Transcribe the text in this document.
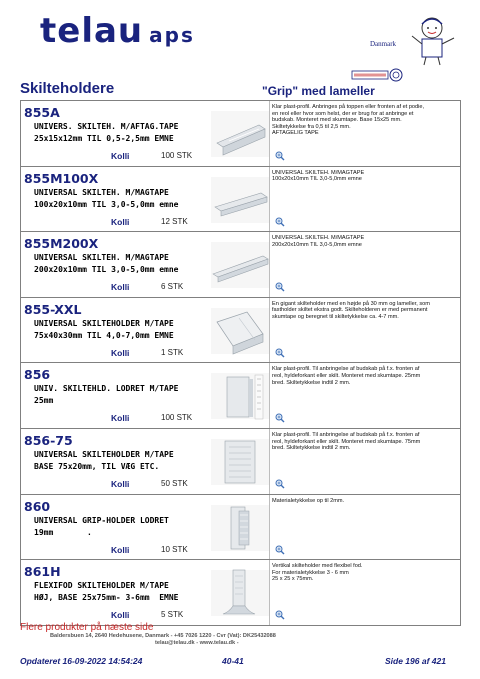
telau aps	Danmark
Skilteholdere	"Grip" med lameller
855A
UNIVERS. SKILTEH. M/AFTAG.TAPE
25x15x12mm TIL 0,5-2,5mm EMNE
Kolli	100 STK
Klar plast-profil. Anbringes på toppen eller fronten af et podie,
en reol eller hvor som helst, der er brug for at anbringe et
budskab. Monteret med skumtape. Base 15x25 mm.
Skiltetykkelse fra 0,5 til 2,5 mm.
AFTAGELIG TAPE
855M100X
UNIVERSAL SKILTEH. M/MAGTAPE
100x20x10mm TIL 3,0-5,0mm emne
Kolli	12 STK
UNIVERSAL SKILTEH. M/MAGTAPE
100x20x10mm TIL 3,0-5,0mm emne
855M200X
UNIVERSAL SKILTEH. M/MAGTAPE
200x20x10mm TIL 3,0-5,0mm emne
Kolli	6 STK
UNIVERSAL SKILTEH. M/MAGTAPE
200x20x10mm TIL 3,0-5,0mm emne
855-XXL
UNIVERSAL SKILTEHOLDER M/TAPE
75x40x30mm TIL 4,0-7,0mm EMNE
Kolli	1 STK
En gigant skilteholder med en højde på 30 mm og lameller, som
fastholder skiltet ekstra godt. Skilteholderen er med permanent
skumtape og beregnet til skiltetykkelse ca. 4-7 mm.
856
UNIV. SKILTEHLD. LODRET M/TAPE
25mm
Kolli	100 STK
Klar plast-profil. Til anbringelse af budskab på f.x. fronten af
reol, hyldeforkant eller skilt. Monteret med skumtape. 25mm
bred. Skiltetykkelse indtil 2 mm.
856-75
UNIVERSAL SKILTEHOLDER M/TAPE
BASE 75x20mm, TIL VÆG ETC.
Kolli	50 STK
Klar plast-profil. Til anbringelse af budskab på f.x. fronten af
reol, hyldeforkant eller skilt. Monteret med skumtape. 75mm
bred. Skiltetykkelse indtil 2 mm.
860
UNIVERSAL GRIP-HOLDER LODRET
19mm       .
Kolli	10 STK
Materialetykkelse op til 2mm.
861H
FLEXIFOD SKILTEHOLDER M/TAPE
HØJ, BASE 25x75mm- 3-6mm  EMNE
Kolli	5 STK
Vertikal skilteholder med flexibel fod.
For materialetykkelse 3 - 6 mm
25 x 25 x 75mm.
Flere produkter på næste side
Baldersbuen 14, 2640 Hedehusene, Danmark - +45 7026 1220 - Cvr (Vat): DK25432088
telau@telau.dk - www.telau.dk -
Opdateret 16-09-2022 14:54:24	40-41	Side 196 af 421
